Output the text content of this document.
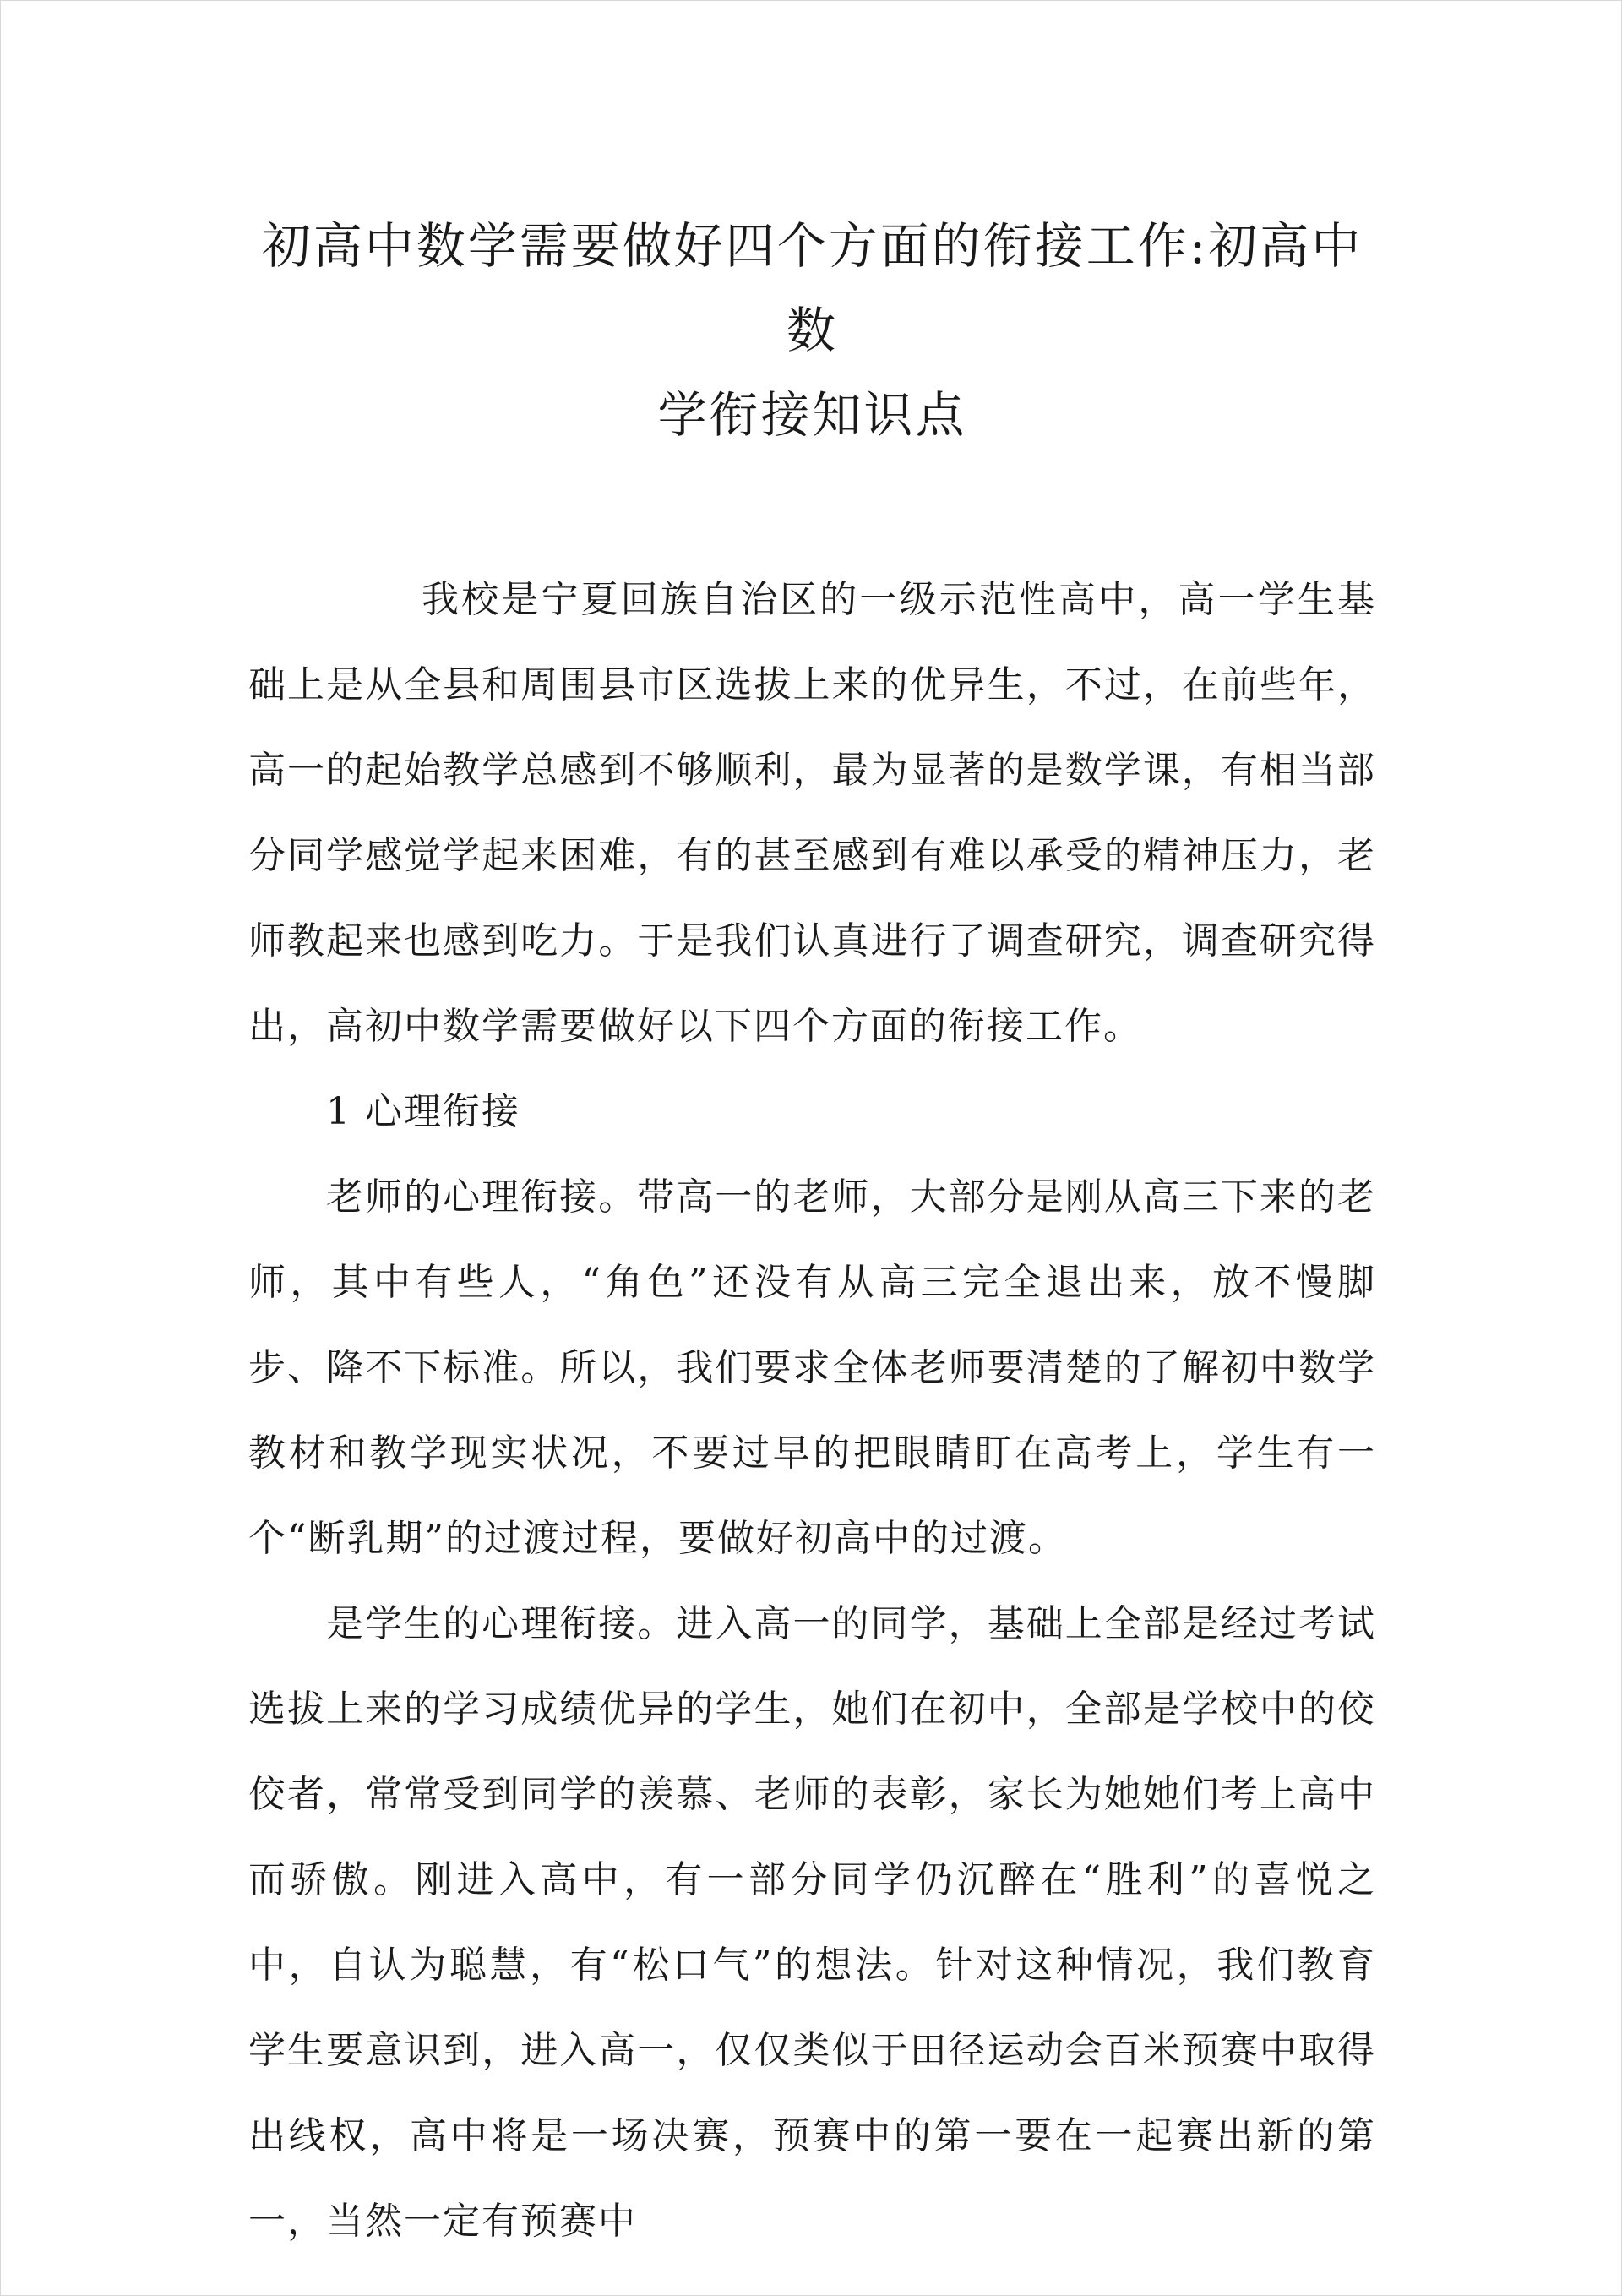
初高中数学需要做好四个方面的衔接工作:初高中数
学衔接知识点

我校是宁夏回族自治区的一级示范性高中，高一学生基础上是从全县和周围县市区选拔上来的优异生，不过，在前些年，高一的起始教学总感到不够顺利，最为显著的是数学课，有相当部分同学感觉学起来困难，有的甚至感到有难以承受的精神压力，老师教起来也感到吃力。于是我们认真进行了调查研究，调查研究得出，高初中数学需要做好以下四个方面的衔接工作。

1 心理衔接

老师的心理衔接。带高一的老师，大部分是刚从高三下来的老师，其中有些人，“角色”还没有从高三完全退出来，放不慢脚步、降不下标准。所以，我们要求全体老师要清楚的了解初中数学教材和教学现实状况，不要过早的把眼睛盯在高考上，学生有一个“断乳期”的过渡过程，要做好初高中的过渡。

是学生的心理衔接。进入高一的同学，基础上全部是经过考试选拔上来的学习成绩优异的学生，她们在初中，全部是学校中的佼佼者，常常受到同学的羡慕、老师的表彰，家长为她她们考上高中而骄傲。刚进入高中，有一部分同学仍沉醉在“胜利”的喜悦之中，自认为聪慧，有“松口气”的想法。针对这种情况，我们教育学生要意识到，进入高一，仅仅类似于田径运动会百米预赛中取得出线权，高中将是一场决赛，预赛中的第一要在一起赛出新的第一，当然一定有预赛中
